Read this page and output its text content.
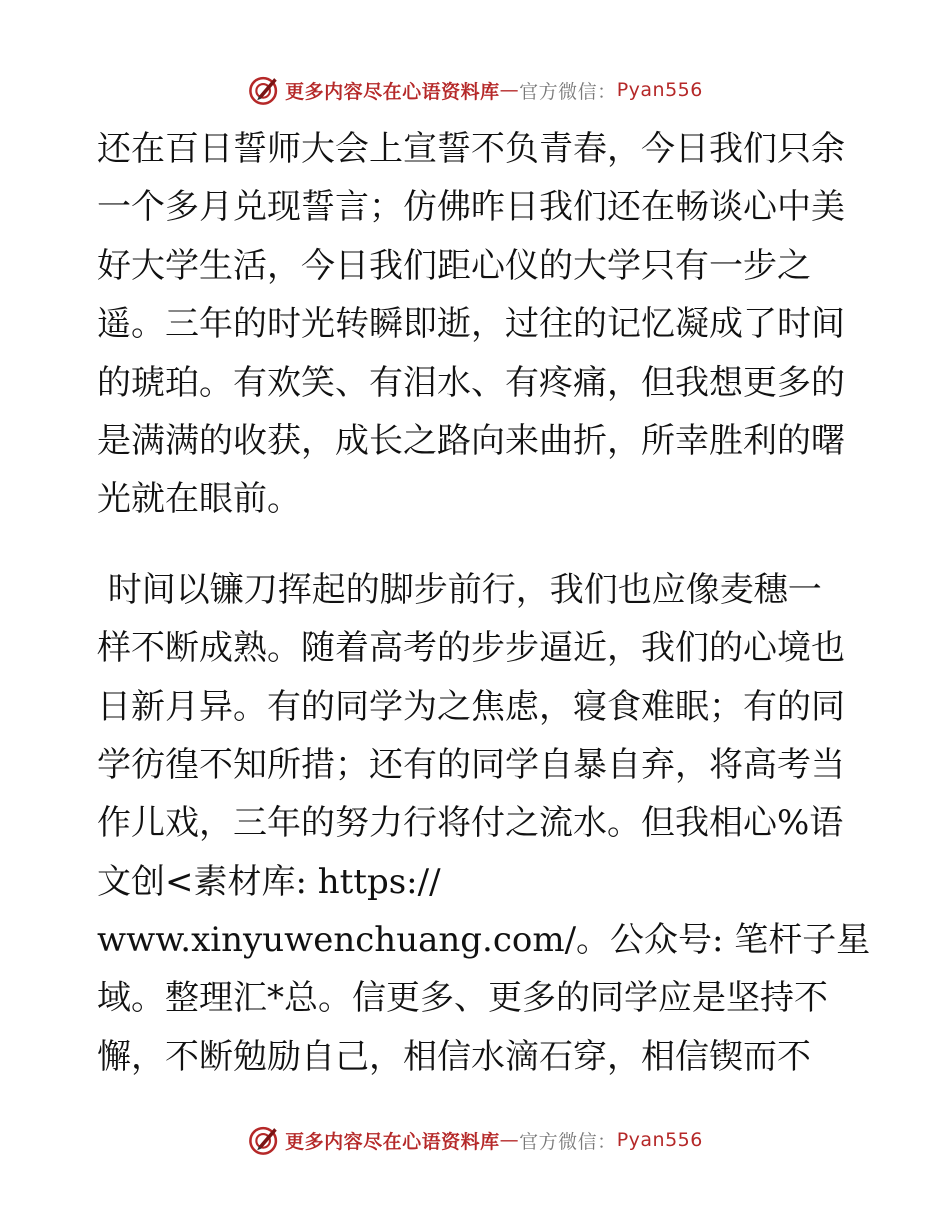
更多内容尽在心语资料库 — 官方微信： Pyan556
还在百日誓师大会上宣誓不负青春，今日我们只余
一个多月兑现誓言；仿佛昨日我们还在畅谈心中美
好大学生活，今日我们距心仪的大学只有一步之
遥。三年的时光转瞬即逝，过往的记忆凝成了时间
的琥珀。有欢笑、有泪水、有疼痛，但我想更多的
是满满的收获，成长之路向来曲折，所幸胜利的曙
光就在眼前。
时间以镰刀挥起的脚步前行，我们也应像麦穗一
样不断成熟。随着高考的步步逼近，我们的心境也
日新月异。有的同学为之焦虑，寝食难眠；有的同
学彷徨不知所措；还有的同学自暴自弃，将高考当
作儿戏，三年的努力行将付之流水。但我相心%语
文创<素材库: https://
www.xinyuwenchuang.com/。公众号: 笔杆子星
域。整理汇*总。信更多、更多的同学应是坚持不
懈，不断勉励自己，相信水滴石穿，相信锲而不
更多内容尽在心语资料库 — 官方微信： Pyan556
